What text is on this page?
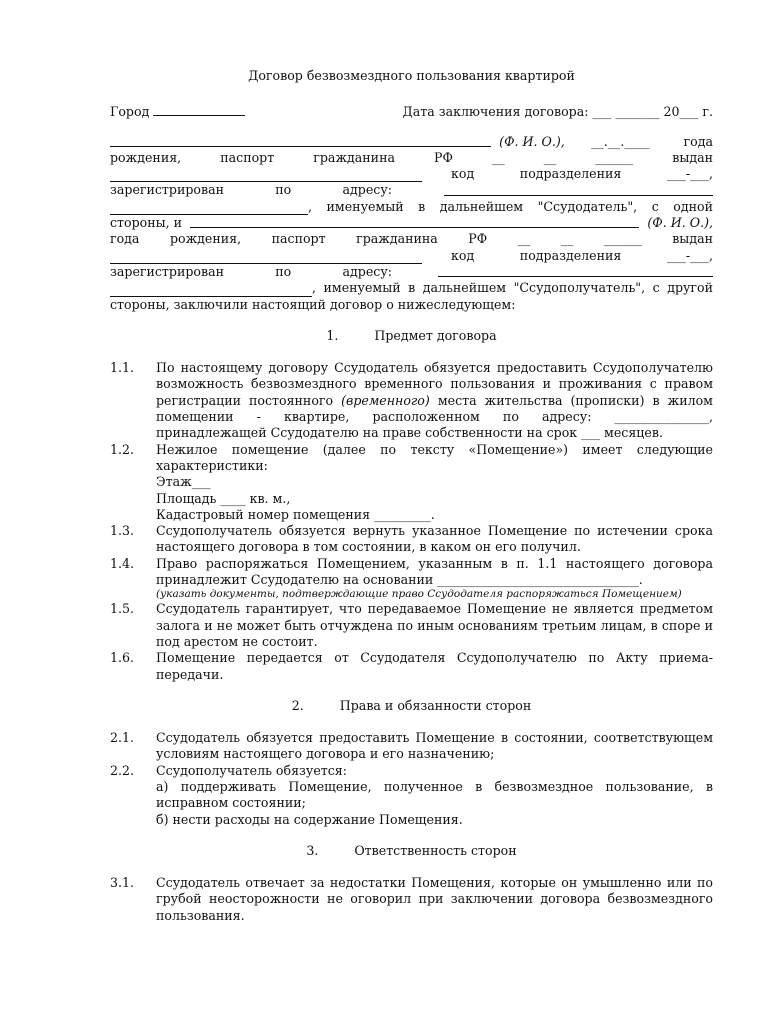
Договор безвозмездного пользования квартирой
Город	Дата заключения договора: ___ _______ 20___ г.
(Ф. И. О.),	__.__.____	года
рождения, паспорт гражданина РФ __ __ ______ выдан
код подразделения ___-___,
зарегистрирован по адресу:
, именуемый в дальнейшем "Ссудодатель", с одной
стороны, и	(Ф. И. О.),
года рождения, паспорт гражданина РФ __ __ ______ выдан
код подразделения ___-___,
зарегистрирован по адресу:
, именуемый в дальнейшем "Ссудополучатель", с другой
стороны, заключили настоящий договор о нижеследующем:
1.	Предмет договора
1.1.	По настоящему договору Ссудодатель обязуется предоставить Ссудополучателю возможность безвозмездного временного пользования и проживания с правом регистрации постоянного (временного) места жительства (прописки) в жилом помещении - квартире, расположенном по адресу: _______________, принадлежащей Ссудодателю на праве собственности на срок ___ месяцев.
1.2.	Нежилое помещение (далее по тексту «Помещение») имеет следующие характеристики:
Этаж___
Площадь ____ кв. м.,
Кадастровый номер помещения _________.
1.3.	Ссудополучатель обязуется вернуть указанное Помещение по истечении срока настоящего договора в том состоянии, в каком он его получил.
1.4.	Право распоряжаться Помещением, указанным в п. 1.1 настоящего договора принадлежит Ссудодателю на основании ________________________________.
(указать документы, подтверждающие право Ссудодателя распоряжаться Помещением)
1.5.	Ссудодатель гарантирует, что передаваемое Помещение не является предметом залога и не может быть отчуждена по иным основаниям третьим лицам, в споре и под арестом не состоит.
1.6.	Помещение передается от Ссудодателя Ссудополучателю по Акту приема-передачи.
2.	Права и обязанности сторон
2.1.	Ссудодатель обязуется предоставить Помещение в состоянии, соответствующем условиям настоящего договора и его назначению;
2.2.	Ссудополучатель обязуется:
а) поддерживать Помещение, полученное в безвозмездное пользование, в исправном состоянии;
б) нести расходы на содержание Помещения.
3.	Ответственность сторон
3.1.	Ссудодатель отвечает за недостатки Помещения, которые он умышленно или по грубой неосторожности не оговорил при заключении договора безвозмездного пользования.
